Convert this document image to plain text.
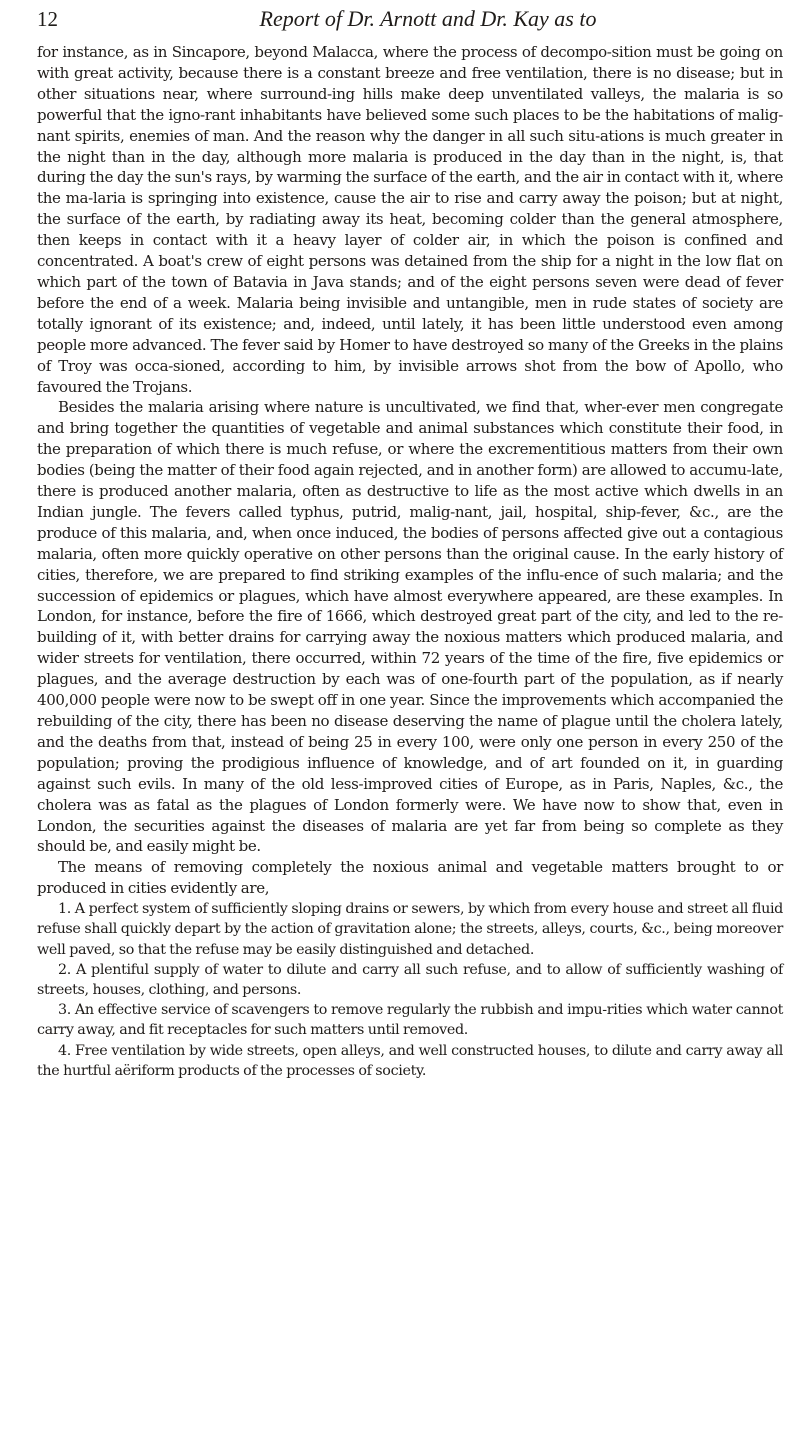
12	Report of Dr. Arnott and Dr. Kay as to

for instance, as in Sincapore, beyond Malacca, where the process of decompo-sition must be going on with great activity, because there is a constant breeze and free ventilation, there is no disease; but in other situations near, where surround-ing hills make deep unventilated valleys, the malaria is so powerful that the igno-rant inhabitants have believed some such places to be the habitations of malig-nant spirits, enemies of man. And the reason why the danger in all such situ-ations is much greater in the night than in the day, although more malaria is produced in the day than in the night, is, that during the day the sun's rays, by warming the surface of the earth, and the air in contact with it, where the ma-laria is springing into existence, cause the air to rise and carry away the poison; but at night, the surface of the earth, by radiating away its heat, becoming colder than the general atmosphere, then keeps in contact with it a heavy layer of colder air, in which the poison is confined and concentrated. A boat's crew of eight persons was detained from the ship for a night in the low flat on which part of the town of Batavia in Java stands; and of the eight persons seven were dead of fever before the end of a week. Malaria being invisible and untangible, men in rude states of society are totally ignorant of its existence; and, indeed, until lately, it has been little understood even among people more advanced. The fever said by Homer to have destroyed so many of the Greeks in the plains of Troy was occa-sioned, according to him, by invisible arrows shot from the bow of Apollo, who favoured the Trojans.

Besides the malaria arising where nature is uncultivated, we find that, wher-ever men congregate and bring together the quantities of vegetable and animal substances which constitute their food, in the preparation of which there is much refuse, or where the excrementitious matters from their own bodies (being the matter of their food again rejected, and in another form) are allowed to accumu-late, there is produced another malaria, often as destructive to life as the most active which dwells in an Indian jungle. The fevers called typhus, putrid, malig-nant, jail, hospital, ship-fever, &c., are the produce of this malaria, and, when once induced, the bodies of persons affected give out a contagious malaria, often more quickly operative on other persons than the original cause. In the early history of cities, therefore, we are prepared to find striking examples of the influ-ence of such malaria; and the succession of epidemics or plagues, which have almost everywhere appeared, are these examples. In London, for instance, before the fire of 1666, which destroyed great part of the city, and led to the re-building of it, with better drains for carrying away the noxious matters which produced malaria, and wider streets for ventilation, there occurred, within 72 years of the time of the fire, five epidemics or plagues, and the average destruction by each was of one-fourth part of the population, as if nearly 400,000 people were now to be swept off in one year. Since the improvements which accompanied the rebuilding of the city, there has been no disease deserving the name of plague until the cholera lately, and the deaths from that, instead of being 25 in every 100, were only one person in every 250 of the population; proving the prodigious influence of knowledge, and of art founded on it, in guarding against such evils. In many of the old less-improved cities of Europe, as in Paris, Naples, &c., the cholera was as fatal as the plagues of London formerly were. We have now to show that, even in London, the securities against the diseases of malaria are yet far from being so complete as they should be, and easily might be.

The means of removing completely the noxious animal and vegetable matters brought to or produced in cities evidently are,

1. A perfect system of sufficiently sloping drains or sewers, by which from every house and street all fluid refuse shall quickly depart by the action of gravitation alone; the streets, alleys, courts, &c., being moreover well paved, so that the refuse may be easily distinguished and detached.

2. A plentiful supply of water to dilute and carry all such refuse, and to allow of sufficiently washing of streets, houses, clothing, and persons.

3. An effective service of scavengers to remove regularly the rubbish and impu-rities which water cannot carry away, and fit receptacles for such matters until removed.

4. Free ventilation by wide streets, open alleys, and well constructed houses, to dilute and carry away all the hurtful aëriform products of the processes of society.
